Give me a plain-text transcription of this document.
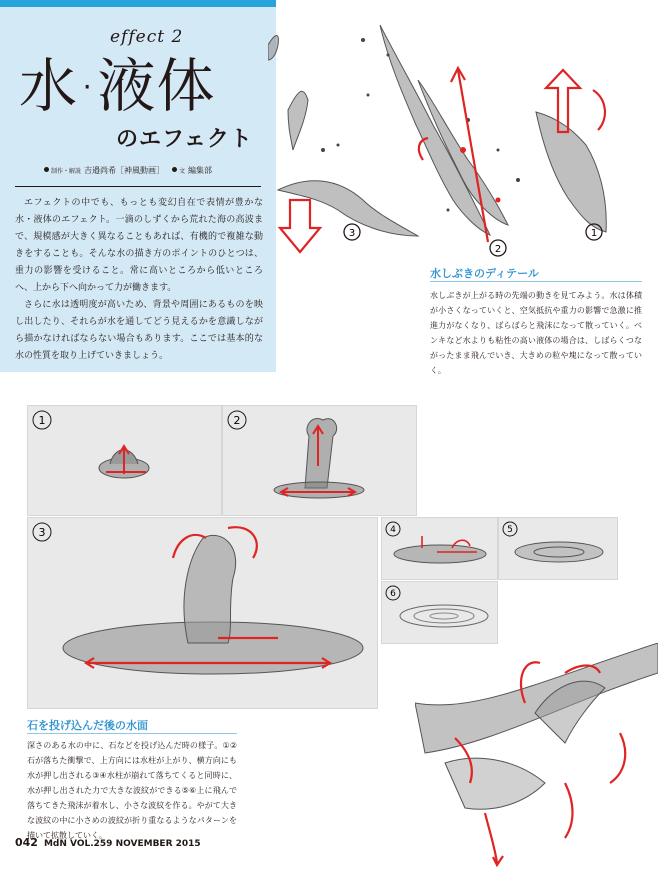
effect 2
水·液体
のエフェクト
制作・解説 吉邉尚希［神風動画］	文 編集部

エフェクトの中でも、もっとも変幻自在で表情が豊かな水・液体のエフェクト。一滴のしずくから荒れた海の高波まで、規模感が大きく異なることもあれば、有機的で複雑な動きをすることも。そんな水の描き方のポイントのひとつは、重力の影響を受けること。常に高いところから低いところへ、上から下へ向かって力が働きます。

さらに水は透明度が高いため、背景や周囲にあるものを映し出したり、それらが水を通してどう見えるかを意識しながら描かなければならない場合もあります。ここでは基本的な水の性質を取り上げていきましょう。

3
2
1
水しぶきのディテール
水しぶきが上がる時の先端の動きを見てみよう。水は体積が小さくなっていくと、空気抵抗や重力の影響で急激に推進力がなくなり、ばらばらと飛沫になって散っていく。ベンキなど水よりも粘性の高い液体の場合は、しばらくつながったまま飛んでいき、大きめの粒や塊になって散っていく。
1	2
3	4	5
6
石を投げ込んだ後の水面
深さのある水の中に、石などを投げ込んだ時の様子。①②石が落ちた衝撃で、上方向には水柱が上がり、横方向にも水が押し出される③④水柱が崩れて落ちてくると同時に、水が押し出された力で大きな波紋ができる⑤⑥上に飛んで落ちてきた飛沫が着水し、小さな波紋を作る。やがて大きな波紋の中に小さめの波紋が折り重なるようなパターンを描いて拡散していく。
042 MdN VOL.259 NOVEMBER 2015
